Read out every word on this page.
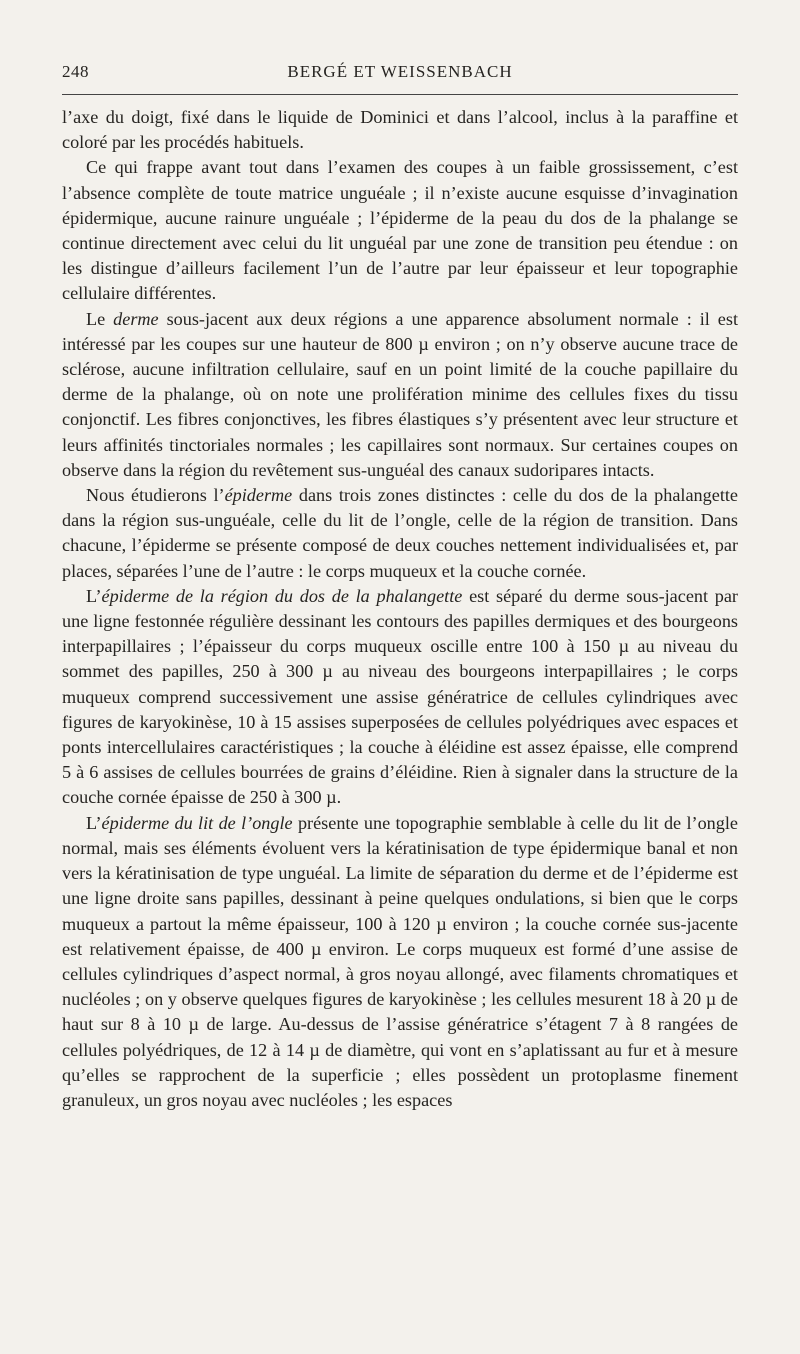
248	BERGÉ ET WEISSENBACH

l’axe du doigt, fixé dans le liquide de Dominici et dans l’alcool, inclus à la paraffine et coloré par les procédés habituels.

Ce qui frappe avant tout dans l’examen des coupes à un faible grossissement, c’est l’absence complète de toute matrice unguéale ; il n’existe aucune esquisse d’invagination épidermique, aucune rainure unguéale ; l’épiderme de la peau du dos de la phalange se continue directement avec celui du lit unguéal par une zone de transition peu étendue : on les distingue d’ailleurs facilement l’un de l’autre par leur épaisseur et leur topographie cellulaire différentes.

Le derme sous-jacent aux deux régions a une apparence absolument normale : il est intéressé par les coupes sur une hauteur de 800 µ environ ; on n’y observe aucune trace de sclérose, aucune infiltration cellulaire, sauf en un point limité de la couche papillaire du derme de la phalange, où on note une prolifération minime des cellules fixes du tissu conjonctif. Les fibres conjonctives, les fibres élastiques s’y présentent avec leur structure et leurs affinités tinctoriales normales ; les capillaires sont normaux. Sur certaines coupes on observe dans la région du revêtement sus-unguéal des canaux sudoripares intacts.

Nous étudierons l’épiderme dans trois zones distinctes : celle du dos de la phalangette dans la région sus-unguéale, celle du lit de l’ongle, celle de la région de transition. Dans chacune, l’épiderme se présente composé de deux couches nettement individualisées et, par places, séparées l’une de l’autre : le corps muqueux et la couche cornée.

L’épiderme de la région du dos de la phalangette est séparé du derme sous-jacent par une ligne festonnée régulière dessinant les contours des papilles dermiques et des bourgeons interpapillaires ; l’épaisseur du corps muqueux oscille entre 100 à 150 µ au niveau du sommet des papilles, 250 à 300 µ au niveau des bourgeons interpapillaires ; le corps muqueux comprend successivement une assise génératrice de cellules cylindriques avec figures de karyokinèse, 10 à 15 assises superposées de cellules polyédriques avec espaces et ponts intercellulaires caractéristiques ; la couche à éléidine est assez épaisse, elle comprend 5 à 6 assises de cellules bourrées de grains d’éléidine. Rien à signaler dans la structure de la couche cornée épaisse de 250 à 300 µ.

L’épiderme du lit de l’ongle présente une topographie semblable à celle du lit de l’ongle normal, mais ses éléments évoluent vers la kératinisation de type épidermique banal et non vers la kératinisation de type unguéal. La limite de séparation du derme et de l’épiderme est une ligne droite sans papilles, dessinant à peine quelques ondulations, si bien que le corps muqueux a partout la même épaisseur, 100 à 120 µ environ ; la couche cornée sus-jacente est relativement épaisse, de 400 µ environ. Le corps muqueux est formé d’une assise de cellules cylindriques d’aspect normal, à gros noyau allongé, avec filaments chromatiques et nucléoles ; on y observe quelques figures de karyokinèse ; les cellules mesurent 18 à 20 µ de haut sur 8 à 10 µ de large. Au-dessus de l’assise génératrice s’étagent 7 à 8 rangées de cellules polyédriques, de 12 à 14 µ de diamètre, qui vont en s’aplatissant au fur et à mesure qu’elles se rapprochent de la superficie ; elles possèdent un protoplasme finement granuleux, un gros noyau avec nucléoles ; les espaces
